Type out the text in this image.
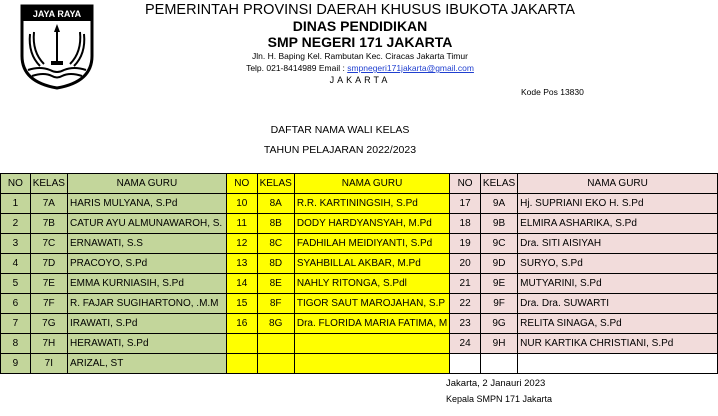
JAYA RAYA	PEMERINTAH PROVINSI DAERAH KHUSUS IBUKOTA JAKARTA
DINAS PENDIDIKAN
SMP NEGERI 171 JAKARTA
Jln. H. Baping Kel. Rambutan Kec. Ciracas Jakarta Timur
Telp. 021-8414989 Email : smpnegeri171jakarta@gmail.com
JAKARTA
Kode Pos 13830
DAFTAR NAMA WALI KELAS
TAHUN PELAJARAN 2022/2023
NO	KELAS	NAMA GURU	NO	KELAS	NAMA GURU	NO	KELAS	NAMA GURU
1	7A	HARIS MULYANA, S.Pd	10	8A	R.R. KARTININGSIH, S.Pd	17	9A	Hj. SUPRIANI EKO H. S.Pd
2	7B	CATUR AYU ALMUNAWAROH, S.	11	8B	DODY HARDYANSYAH, M.Pd	18	9B	ELMIRA ASHARIKA, S.Pd
3	7C	ERNAWATI, S.S	12	8C	FADHILAH MEIDIYANTI, S.Pd	19	9C	Dra. SITI AISIYAH
4	7D	PRACOYO, S.Pd	13	8D	SYAHBILLAL AKBAR, M.Pd	20	9D	SURYO, S.Pd
5	7E	EMMA KURNIASIH, S.Pd	14	8E	NAHLY RITONGA, S.Pdl	21	9E	MUTYARINI, S.Pd
6	7F	R. FAJAR SUGIHARTONO, .M.M	15	8F	TIGOR SAUT MAROJAHAN, S.P	22	9F	Dra. Dra. SUWARTI
7	7G	IRAWATI, S.Pd	16	8G	Dra. FLORIDA MARIA FATIMA, M	23	9G	RELITA SINAGA, S.Pd
8	7H	HERAWATI, S.Pd				24	9H	NUR KARTIKA CHRISTIANI, S.Pd
9	7I	ARIZAL, ST						
Jakarta, 2 Janauri 2023
Kepala SMPN 171 Jakarta
